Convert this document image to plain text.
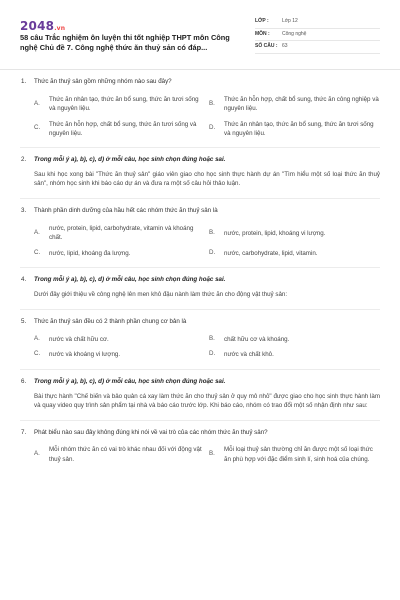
2048.vn
58 câu Trắc nghiệm ôn luyện thi tốt nghiệp THPT môn Công nghệ Chủ đề 7. Công nghệ thức ăn thuỷ sản có đáp...
LỚP :	Lớp 12
MÔN :	Công nghệ
SỐ CÂU : 63
1.	Thức ăn thuỷ sản gồm những nhóm nào sau đây?
A.
Thức ăn nhân tạo, thức ăn bổ sung, thức ăn tươi sống và nguyên liệu.
B.
Thức ăn hỗn hợp, chất bổ sung, thức ăn công nghiệp và nguyên liệu.
C.
Thức ăn hỗn hợp, chất bổ sung, thức ăn tươi sống và nguyên liệu.
D.
Thức ăn nhân tạo, thức ăn bổ sung, thức ăn tươi sống và nguyên liệu.
2.	Trong mỗi ý a), b), c), d) ở mỗi câu, học sinh chọn đúng hoặc sai.
Sau khi học xong bài "Thức ăn thuỷ sản" giáo viên giao cho học sinh thực hành dự án "Tìm hiểu một số loại thức ăn thuỷ sản", nhóm học sinh khi báo cáo dự án và đưa ra một số câu hỏi thảo luận.
3.	Thành phần dinh dưỡng của hầu hết các nhóm thức ăn thuỷ sản là
A.
nước, protein, lipid, carbohydrate, vitamin và khoáng chất.
B.	nước, protein, lipid, khoáng vi lượng.
C.	nước, lipid, khoáng đa lượng.	D.	nước, carbohydrate, lipid, vitamin.
4.	Trong mỗi ý a), b), c), d) ở mỗi câu, học sinh chọn đúng hoặc sai.
Dưới đây giới thiệu về công nghệ lên men khô đậu nành làm thức ăn cho động vật thuỷ sản:
5.	Thức ăn thuỷ sản đều có 2 thành phần chung cơ bản là
A.	nước và chất hữu cơ.	B.	chất hữu cơ và khoáng.
C.	nước và khoáng vi lượng.	D.	nước và chất khô.
6.	Trong mỗi ý a), b), c), d) ở mỗi câu, học sinh chọn đúng hoặc sai.
Bài thực hành "Chế biến và bảo quản cá xay làm thức ăn cho thuỷ sản ở quy mô nhỏ" được giao cho học sinh thực hành làm và quay video quy trình sản phẩm tại nhà và báo cáo trước lớp. Khi báo cáo, nhóm có trao đổi một số nhận định như sau:
7.	Phát biểu nào sau đây không đúng khi nói về vai trò của các nhóm thức ăn thuỷ sản?
A.
Mỗi nhóm thức ăn có vai trò khác nhau đối với động vật thuỷ sản.
B.
Mỗi loại thuỷ sản thường chỉ ăn được một số loại thức ăn phù hợp với đặc điểm sinh lí, sinh hoá của chúng.
